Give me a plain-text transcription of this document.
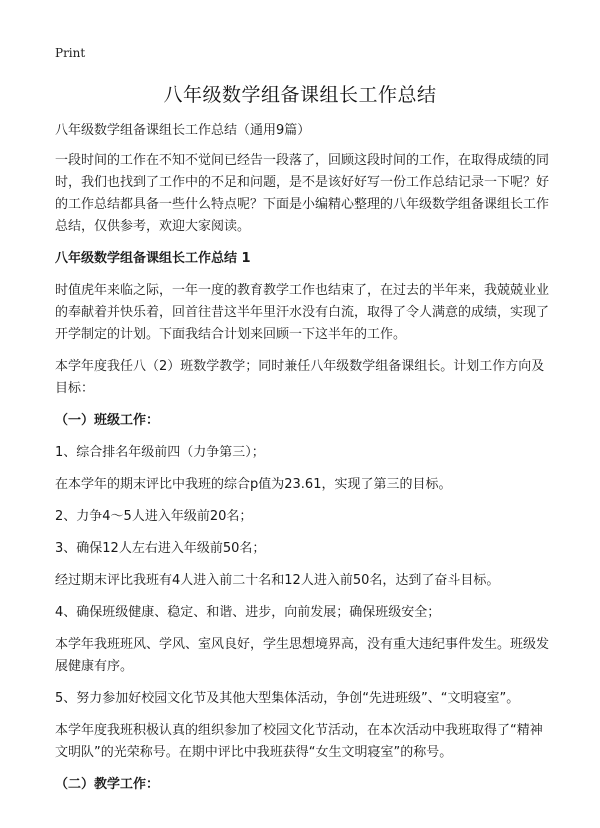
Print
八年级数学组备课组长工作总结

八年级数学组备课组长工作总结（通用9篇）

一段时间的工作在不知不觉间已经告一段落了，回顾这段时间的工作，在取得成绩的同时，我们也找到了工作中的不足和问题，是不是该好好写一份工作总结记录一下呢？好的工作总结都具备一些什么特点呢？下面是小编精心整理的八年级数学组备课组长工作总结，仅供参考，欢迎大家阅读。

八年级数学组备课组长工作总结 1

时值虎年来临之际，一年一度的教育教学工作也结束了，在过去的半年来，我兢兢业业的奉献着并快乐着，回首往昔这半年里汗水没有白流，取得了令人满意的成绩，实现了开学制定的计划。下面我结合计划来回顾一下这半年的工作。

本学年度我任八（2）班数学教学；同时兼任八年级数学组备课组长。计划工作方向及目标：

（一）班级工作：

1、综合排名年级前四（力争第三）；

在本学年的期末评比中我班的综合p值为23.61，实现了第三的目标。

2、力争4～5人进入年级前20名；

3、确保12人左右进入年级前50名；

经过期末评比我班有4人进入前二十名和12人进入前50名，达到了奋斗目标。

4、确保班级健康、稳定、和谐、进步，向前发展；确保班级安全；

本学年我班班风、学风、室风良好，学生思想境界高，没有重大违纪事件发生。班级发展健康有序。

5、努力参加好校园文化节及其他大型集体活动，争创“先进班级”、“文明寝室”。

本学年度我班积极认真的组织参加了校园文化节活动，在本次活动中我班取得了“精神文明队”的光荣称号。在期中评比中我班获得“女生文明寝室”的称号。

（二）教学工作：
